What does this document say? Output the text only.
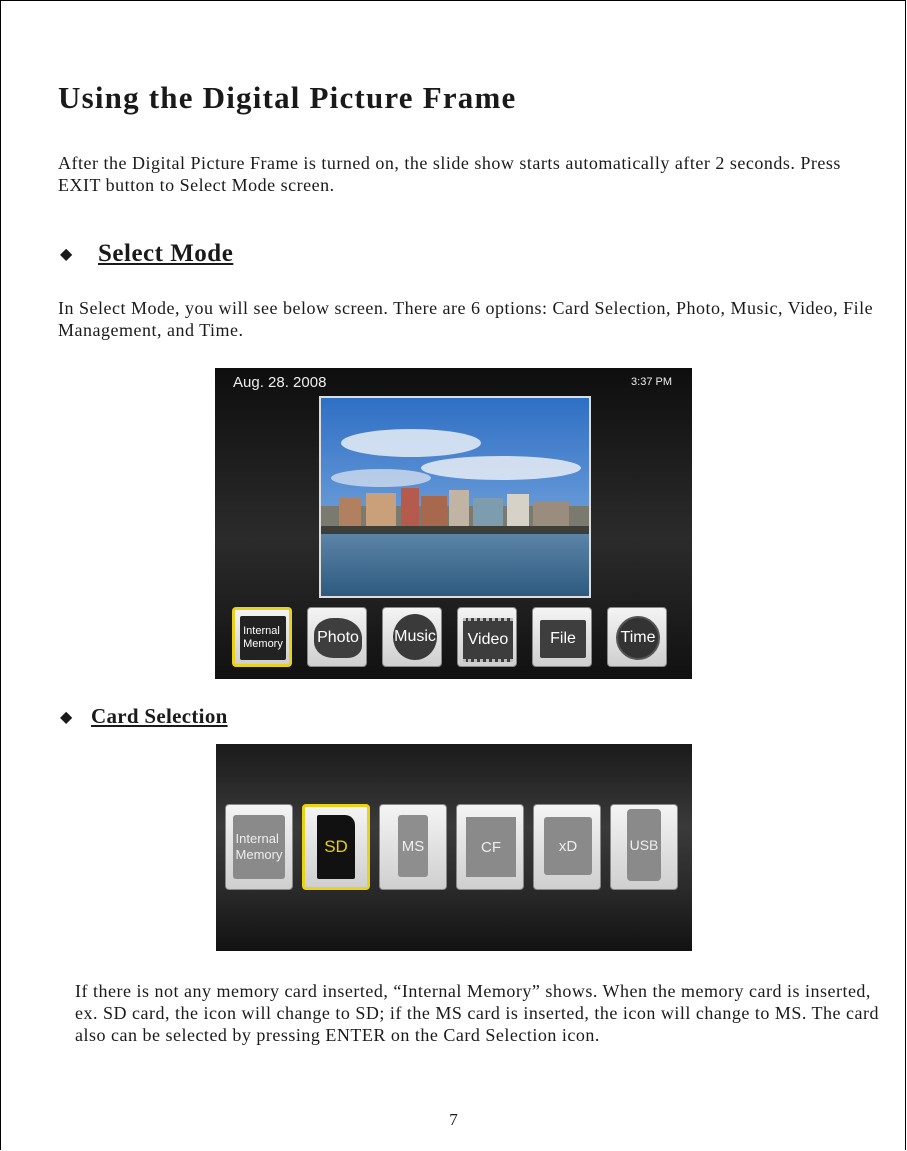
Using the Digital Picture Frame

After the Digital Picture Frame is turned on, the slide show starts automatically after 2 seconds. Press EXIT button to Select Mode screen.

◆	Select Mode

In Select Mode, you will see below screen. There are 6 options: Card Selection, Photo, Music, Video, File Management, and Time.

Aug. 28. 2008	3:37 PM
Internal
Memory Photo Music Video	File	Time
◆ Card Selection
Internal
Memory SD	MS	CF	xD	USB

If there is not any memory card inserted, “Internal Memory” shows. When the memory card is inserted, ex. SD card, the icon will change to SD; if the MS card is inserted, the icon will change to MS. The card also can be selected by pressing ENTER on the Card Selection icon.

7
